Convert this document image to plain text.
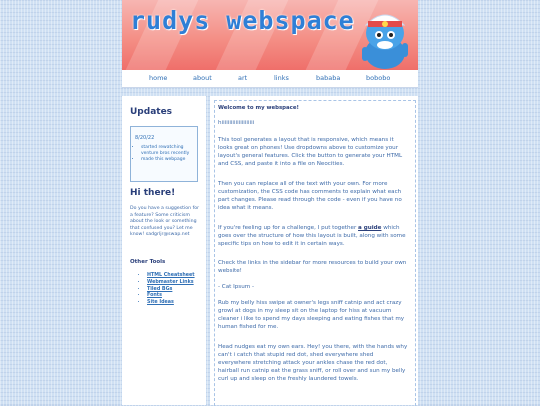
rudys webspace
home	about	art	links	bababa	bobobo
Updates
8/20/22
• started rewatching venture bros recently
• made this webpage
Hi there!
Do you have a suggestion for a feature? Some criticism about the look or something that confused you? Let me know! sadgrljr@swap.net
Other Tools
• HTML Cheatsheet
• Webmaster Links
• Tiled BGs
• Fonts
• Site Ideas
Welcome to my webspace!

hiiiiiiiiiiiiiiiiiiiii

This tool generates a layout that is responsive, which means it looks great on phones! Use dropdowns above to customize your layout's general features. Click the button to generate your HTML and CSS, and paste it into a file on Neocities.

Then you can replace all of the text with your own. For more customization, the CSS code has comments to explain what each part changes. Please read through the code - even if you have no idea what it means.

If you're feeling up for a challenge, I put together a guide which goes over the structure of how this layout is built, along with some specific tips on how to edit it in certain ways.

Check the links in the sidebar for more resources to build your own website!

- Cat Ipsum -

Rub my belly hiss swipe at owner's legs sniff catnip and act crazy growl at dogs in my sleep sit on the laptop for hiss at vacuum cleaner i like to spend my days sleeping and eating fishes that my human fished for me.

Head nudges eat my own ears. Hey! you there, with the hands why can't i catch that stupid red dot, shed everywhere shed everywhere stretching attack your ankles chase the red dot, hairball run catnip eat the grass sniff, or roll over and sun my belly curl up and sleep on the freshly laundered towels.
